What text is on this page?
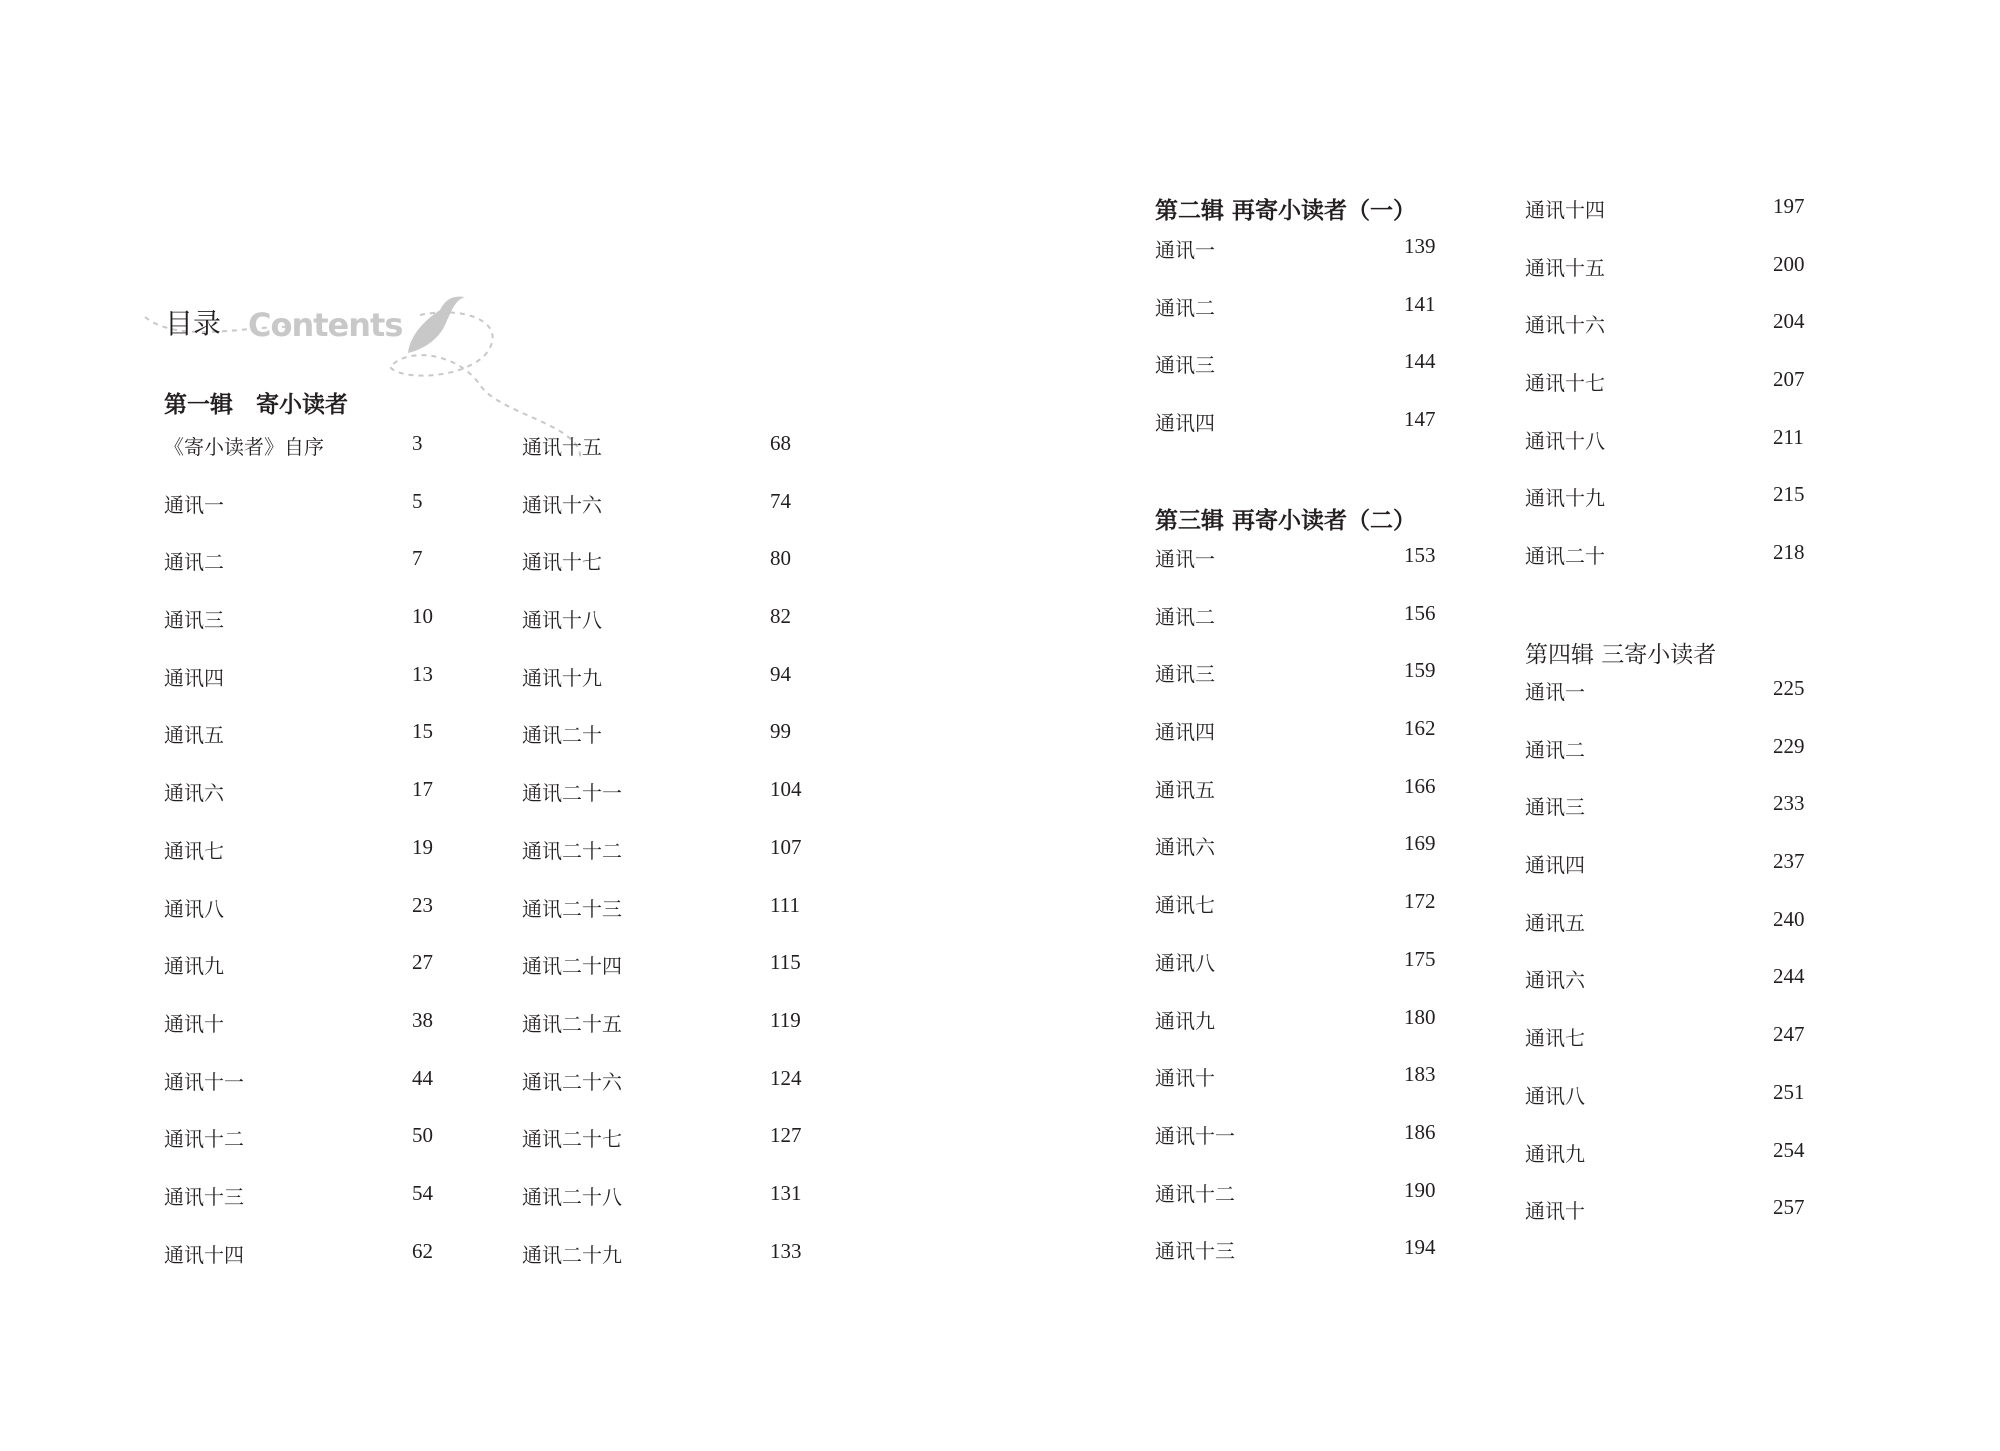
目录 Contents
第一辑　寄小读者
第二辑 再寄小读者（一）
第三辑 再寄小读者（二）
第四辑 三寄小读者
《寄小读者》自序	3
通讯一	5
通讯二	7
通讯三	10
通讯四	13
通讯五	15
通讯六	17
通讯七	19
通讯八	23
通讯九	27
通讯十	38
通讯十一	44
通讯十二	50
通讯十三	54
通讯十四	62
通讯十五	68
通讯十六	74
通讯十七	80
通讯十八	82
通讯十九	94
通讯二十	99
通讯二十一	104
通讯二十二	107
通讯二十三	111
通讯二十四	115
通讯二十五	119
通讯二十六	124
通讯二十七	127
通讯二十八	131
通讯二十九	133
通讯一	139
通讯二	141
通讯三	144
通讯四	147
通讯一	153
通讯二	156
通讯三	159
通讯四	162
通讯五	166
通讯六	169
通讯七	172
通讯八	175
通讯九	180
通讯十	183
通讯十一	186
通讯十二	190
通讯十三	194
通讯十四	197
通讯十五	200
通讯十六	204
通讯十七	207
通讯十八	211
通讯十九	215
通讯二十	218
通讯一	225
通讯二	229
通讯三	233
通讯四	237
通讯五	240
通讯六	244
通讯七	247
通讯八	251
通讯九	254
通讯十	257
